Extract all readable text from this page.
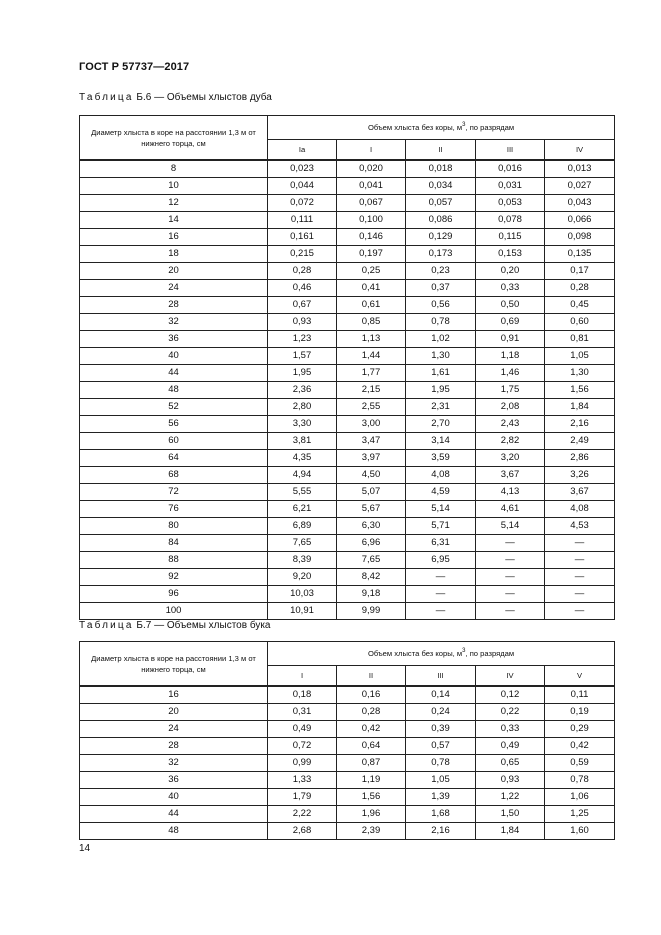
ГОСТ Р 57737—2017
Таблица Б.6 — Объемы хлыстов дуба
Диаметр хлыста в коре на расстоянии 1,3 м от нижнего торца, см	Объем хлыста без коры, $м^3$, по разрядам				
	Ia	I	II	III	IV
8	0,023	0,020	0,018	0,016	0,013
10	0,044	0,041	0,034	0,031	0,027
12	0,072	0,067	0,057	0,053	0,043
14	0,111	0,100	0,086	0,078	0,066
16	0,161	0,146	0,129	0,115	0,098
18	0,215	0,197	0,173	0,153	0,135
20	0,28	0,25	0,23	0,20	0,17
24	0,46	0,41	0,37	0,33	0,28
28	0,67	0,61	0,56	0,50	0,45
32	0,93	0,85	0,78	0,69	0,60
36	1,23	1,13	1,02	0,91	0,81
40	1,57	1,44	1,30	1,18	1,05
44	1,95	1,77	1,61	1,46	1,30
48	2,36	2,15	1,95	1,75	1,56
52	2,80	2,55	2,31	2,08	1,84
56	3,30	3,00	2,70	2,43	2,16
60	3,81	3,47	3,14	2,82	2,49
64	4,35	3,97	3,59	3,20	2,86
68	4,94	4,50	4,08	3,67	3,26
72	5,55	5,07	4,59	4,13	3,67
76	6,21	5,67	5,14	4,61	4,08
80	6,89	6,30	5,71	5,14	4,53
84	7,65	6,96	6,31	—	—
88	8,39	7,65	6,95	—	—
92	9,20	8,42	—	—	—
96	10,03	9,18	—	—	—
100	10,91	9,99	—	—	—
Таблица Б.7 — Объемы хлыстов бука
Диаметр хлыста в коре на расстоянии 1,3 м от нижнего торца, см	Объем хлыста без коры, $м^3$, по разрядам				
	I	II	III	IV	V
16	0,18	0,16	0,14	0,12	0,11
20	0,31	0,28	0,24	0,22	0,19
24	0,49	0,42	0,39	0,33	0,29
28	0,72	0,64	0,57	0,49	0,42
32	0,99	0,87	0,78	0,65	0,59
36	1,33	1,19	1,05	0,93	0,78
40	1,79	1,56	1,39	1,22	1,06
44	2,22	1,96	1,68	1,50	1,25
48	2,68	2,39	2,16	1,84	1,60
14
